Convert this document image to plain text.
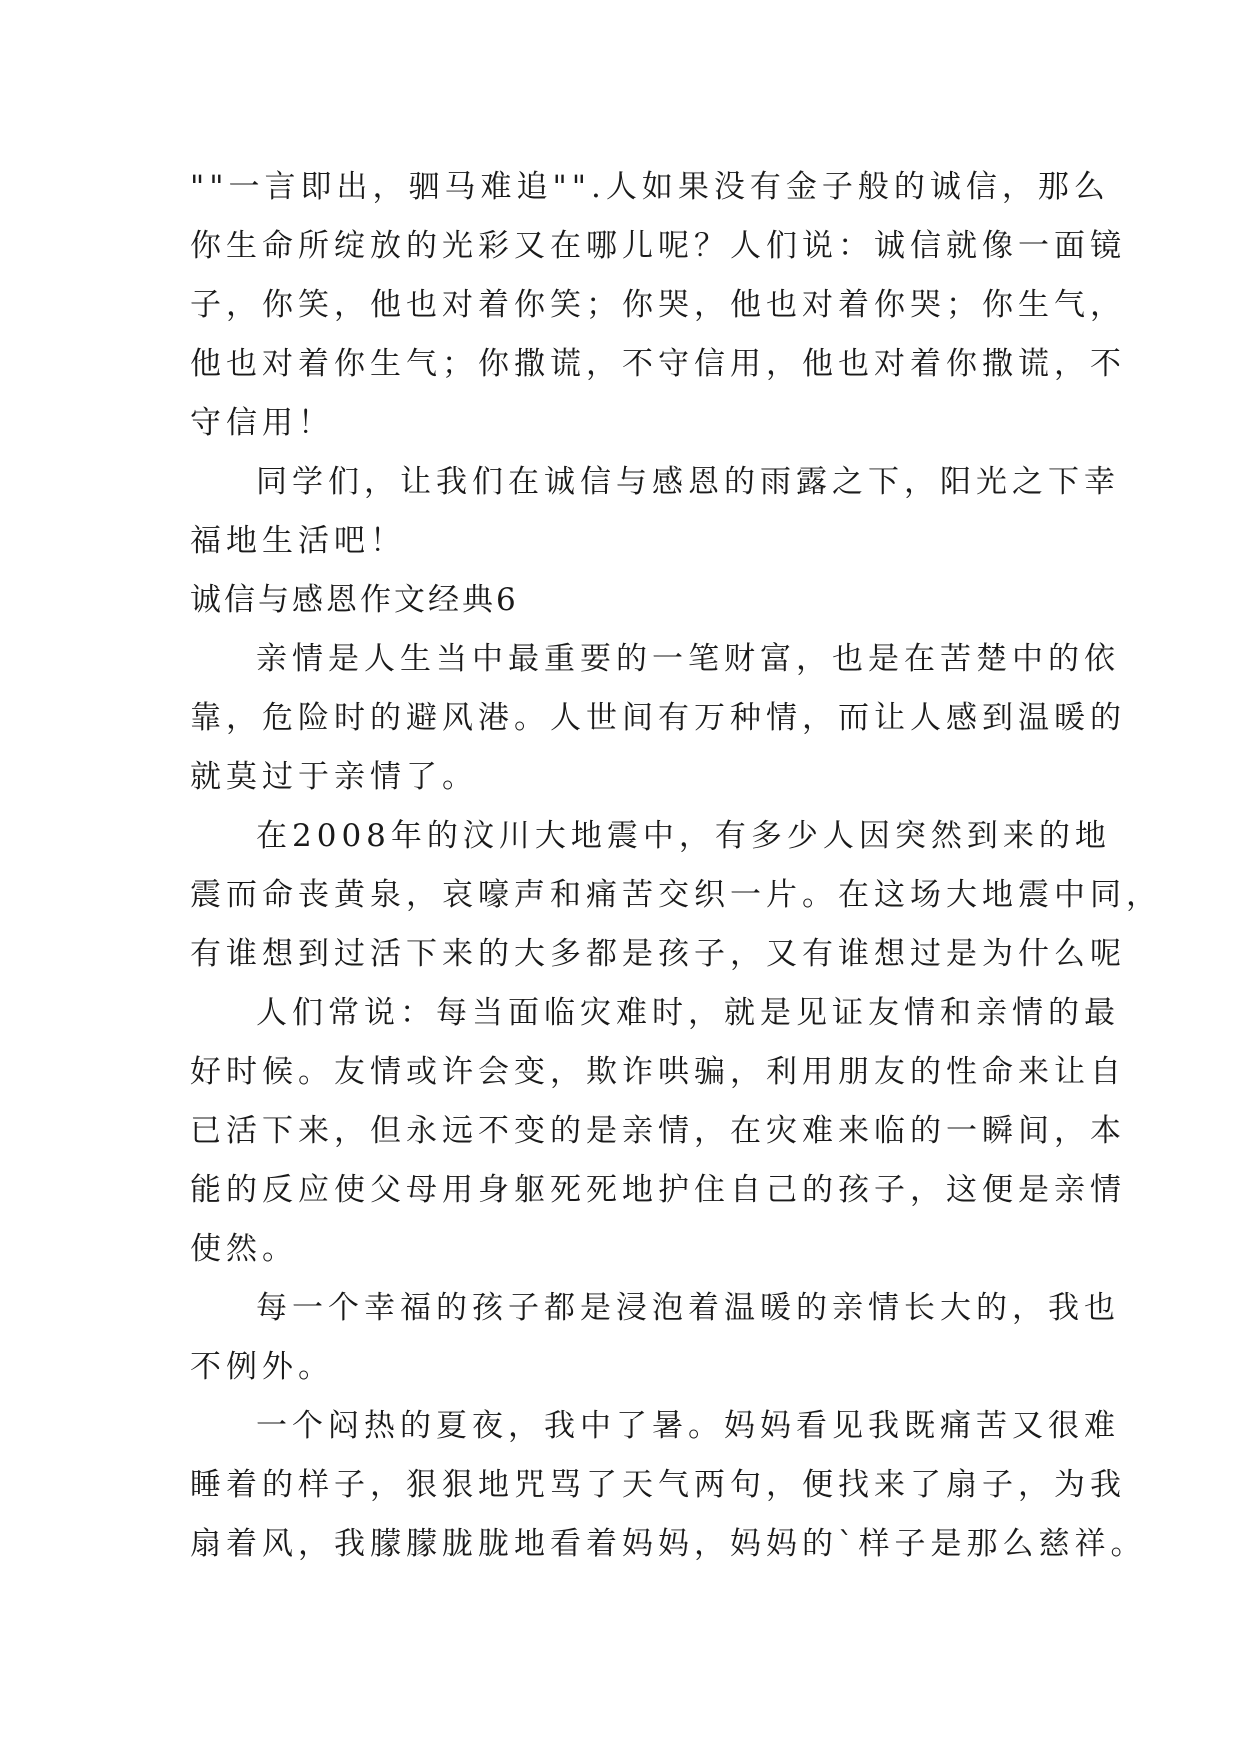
""一言即出，驷马难追"".人如果没有金子般的诚信，那么
你生命所绽放的光彩又在哪儿呢？人们说：诚信就像一面镜
子，你笑，他也对着你笑；你哭，他也对着你哭；你生气，
他也对着你生气；你撒谎，不守信用，他也对着你撒谎，不
守信用！
同学们，让我们在诚信与感恩的雨露之下，阳光之下幸
福地生活吧！
诚信与感恩作文经典6
亲情是人生当中最重要的一笔财富，也是在苦楚中的依
靠，危险时的避风港。人世间有万种情，而让人感到温暖的
就莫过于亲情了。
在2008年的汶川大地震中，有多少人因突然到来的地
震而命丧黄泉，哀嚎声和痛苦交织一片。在这场大地震中同，
有谁想到过活下来的大多都是孩子，又有谁想过是为什么呢
人们常说：每当面临灾难时，就是见证友情和亲情的最
好时候。友情或许会变，欺诈哄骗，利用朋友的性命来让自
已活下来，但永远不变的是亲情，在灾难来临的一瞬间，本
能的反应使父母用身躯死死地护住自己的孩子，这便是亲情
使然。
每一个幸福的孩子都是浸泡着温暖的亲情长大的，我也
不例外。
一个闷热的夏夜，我中了暑。妈妈看见我既痛苦又很难
睡着的样子，狠狠地咒骂了天气两句，便找来了扇子，为我
扇着风，我朦朦胧胧地看着妈妈，妈妈的`样子是那么慈祥。
